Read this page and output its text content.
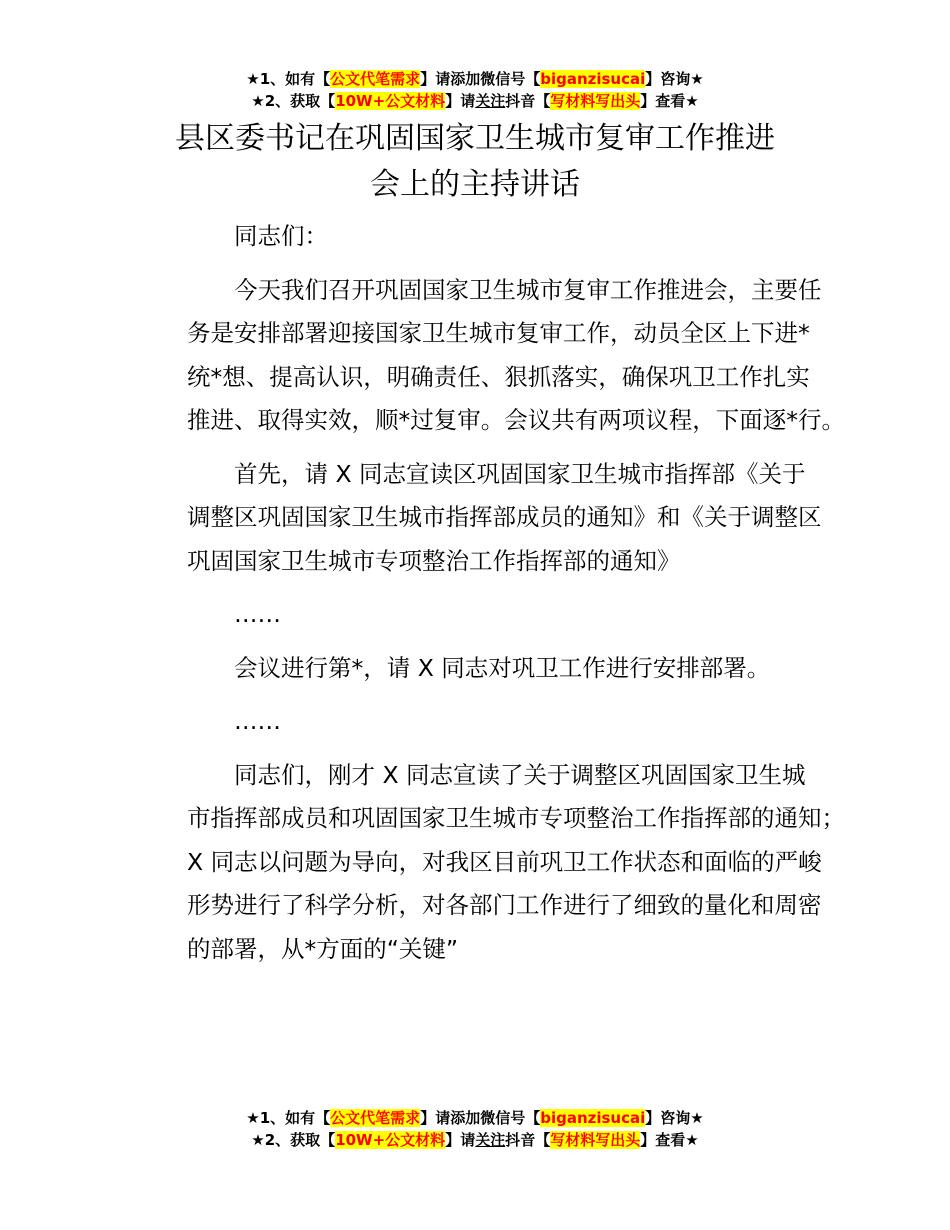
★1、如有【公文代笔需求】请添加微信号【biganzisucai】咨询★
★2、获取【10W+公文材料】请关注抖音【写材料写出头】查看★
县区委书记在巩固国家卫生城市复审工作推进
会上的主持讲话

同志们：

今天我们召开巩固国家卫生城市复审工作推进会，主要任
务是安排部署迎接国家卫生城市复审工作，动员全区上下进*
统*想、提高认识，明确责任、狠抓落实，确保巩卫工作扎实
推进、取得实效，顺*过复审。会议共有两项议程，下面逐*行。

首先，请 X 同志宣读区巩固国家卫生城市指挥部《关于
调整区巩固国家卫生城市指挥部成员的通知》和《关于调整区
巩固国家卫生城市专项整治工作指挥部的通知》

……

会议进行第*，请 X 同志对巩卫工作进行安排部署。

……

同志们，刚才 X 同志宣读了关于调整区巩固国家卫生城
市指挥部成员和巩固国家卫生城市专项整治工作指挥部的通知；
X 同志以问题为导向，对我区目前巩卫工作状态和面临的严峻
形势进行了科学分析，对各部门工作进行了细致的量化和周密
的部署，从*方面的“关键”

★1、如有【公文代笔需求】请添加微信号【biganzisucai】咨询★
★2、获取【10W+公文材料】请关注抖音【写材料写出头】查看★
